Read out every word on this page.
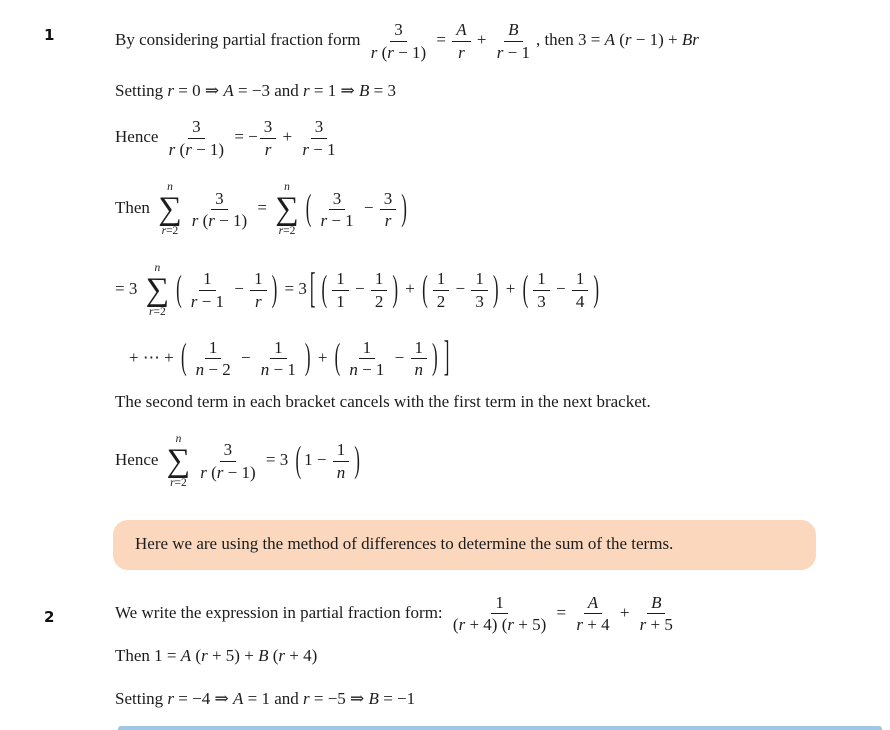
1
2
By considering partial fraction form $\frac{3}{r (r - 1)} = \frac{A}{r} + \frac{B}{r - 1}$ , then 3 = A (r − 1) + Br
Setting r = 0 ⇒ A = −3 and r = 1 ⇒ B = 3
Hence $\frac{3}{r (r - 1)}$ = − $\frac{3}{r} + \frac{3}{r - 1}$
Then
n
∑
r=2
$\frac{3}{r (r - 1)}$ =
n
∑
r=2
( $\frac{3}{r - 1} - \frac{3}{r}$ )
= 3
n
∑
r=2
( $\frac{1}{r - 1} - \frac{1}{r}$ ) = 3 [ ( $\frac{1}{1} - \frac{1}{2}$ ) + ( $\frac{1}{2} - \frac{1}{3}$ ) + ( $\frac{1}{3} - \frac{1}{4}$ )
+ ⋯ + ( $\frac{1}{n - 2} - \frac{1}{n - 1}$ ) + ( $\frac{1}{n - 1} - \frac{1}{n}$ ) ]
The second term in each bracket cancels with the first term in the next bracket.
Hence
n
∑
r=2
$\frac{3}{r (r - 1)} = 3$ ( $1 - \frac{1}{n}$ )
Here we are using the method of differences to determine the sum of the terms.
We write the expression in partial fraction form: $\frac{1}{(r + 4) (r + 5)} = \frac{A}{r + 4} + \frac{B}{r + 5}$
Then 1 = A (r + 5) + B (r + 4)
Setting r = −4 ⇒ A = 1 and r = −5 ⇒ B = −1
